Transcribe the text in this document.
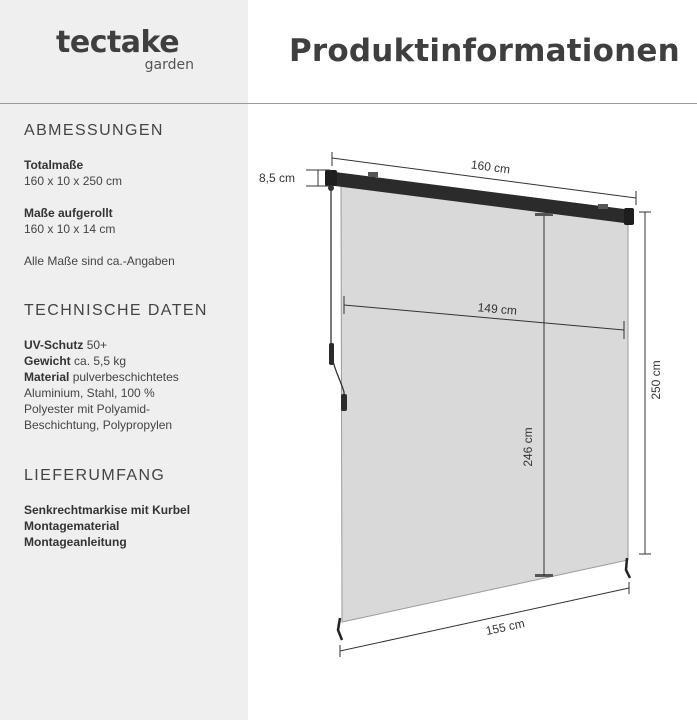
tectake
garden	Produktinformationen
ABMESSUNGEN
Totalmaße
160 x 10 x 250 cm
Maße aufgerollt
160 x 10 x 14 cm
Alle Maße sind ca.-Angaben
TECHNISCHE DATEN
UV-Schutz 50+
Gewicht ca. 5,5 kg
Material pulverbeschichtetes
Aluminium, Stahl, 100 %
Polyester mit Polyamid-
Beschichtung, Polypropylen
LIEFERUMFANG
Senkrechtmarkise mit Kurbel
Montagematerial
Montageanleitung
160 cm
8,5 cm
250 cm
149 cm
246 cm
155 cm
